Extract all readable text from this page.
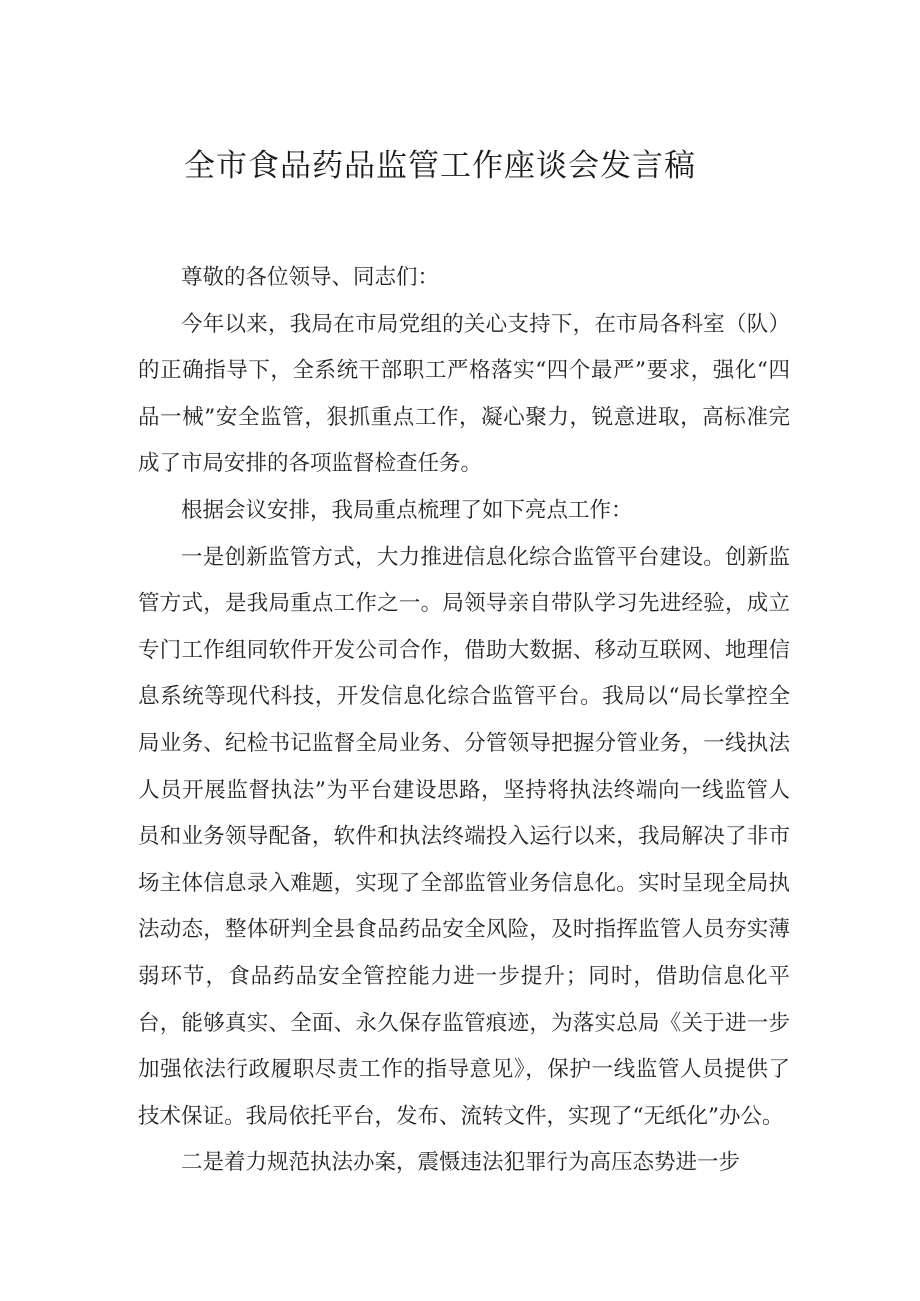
全市食品药品监管工作座谈会发言稿

尊敬的各位领导、同志们：

今年以来，我局在市局党组的关心支持下，在市局各科室（队）的正确指导下，全系统干部职工严格落实“四个最严”要求，强化“四品一械”安全监管，狠抓重点工作，凝心聚力，锐意进取，高标准完成了市局安排的各项监督检查任务。

根据会议安排，我局重点梳理了如下亮点工作：

一是创新监管方式，大力推进信息化综合监管平台建设。创新监管方式，是我局重点工作之一。局领导亲自带队学习先进经验，成立专门工作组同软件开发公司合作，借助大数据、移动互联网、地理信息系统等现代科技，开发信息化综合监管平台。我局以“局长掌控全局业务、纪检书记监督全局业务、分管领导把握分管业务，一线执法人员开展监督执法”为平台建设思路，坚持将执法终端向一线监管人员和业务领导配备，软件和执法终端投入运行以来，我局解决了非市场主体信息录入难题，实现了全部监管业务信息化。实时呈现全局执法动态，整体研判全县食品药品安全风险，及时指挥监管人员夯实薄弱环节，食品药品安全管控能力进一步提升；同时，借助信息化平台，能够真实、全面、永久保存监管痕迹，为落实总局《关于进一步加强依法行政履职尽责工作的指导意见》，保护一线监管人员提供了技术保证。我局依托平台，发布、流转文件，实现了“无纸化”办公。

二是着力规范执法办案，震慑违法犯罪行为高压态势进一步
